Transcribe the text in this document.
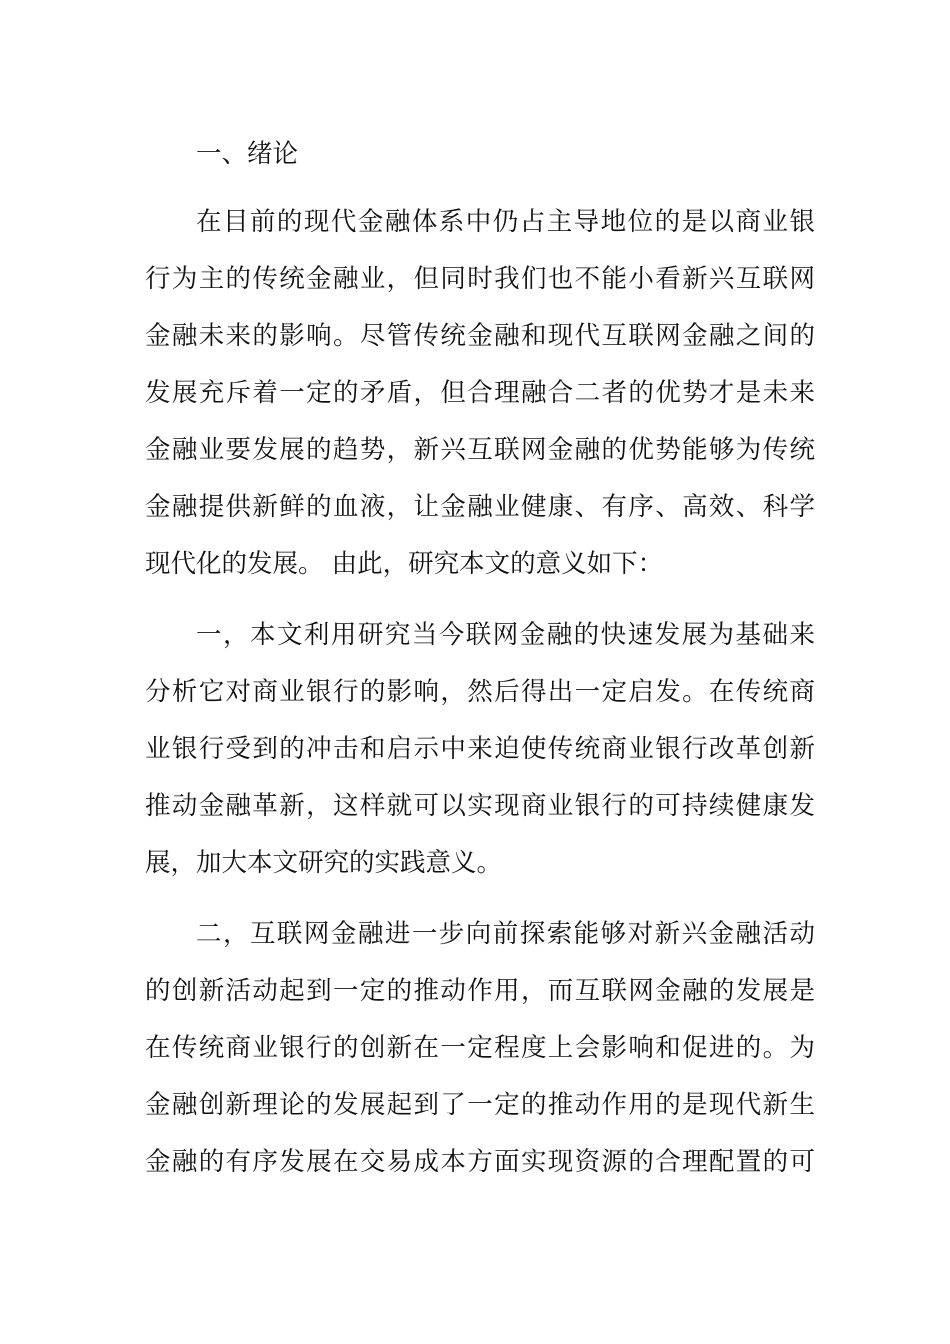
一、绪论
在目前的现代金融体系中仍占主导地位的是以商业银
行为主的传统金融业，但同时我们也不能小看新兴互联网
金融未来的影响。尽管传统金融和现代互联网金融之间的
发展充斥着一定的矛盾，但合理融合二者的优势才是未来
金融业要发展的趋势，新兴互联网金融的优势能够为传统
金融提供新鲜的血液，让金融业健康、有序、高效、科学
现代化的发展。 由此，研究本文的意义如下：
一，本文利用研究当今联网金融的快速发展为基础来
分析它对商业银行的影响，然后得出一定启发。在传统商
业银行受到的冲击和启示中来迫使传统商业银行改革创新
推动金融革新，这样就可以实现商业银行的可持续健康发
展，加大本文研究的实践意义。
二，互联网金融进一步向前探索能够对新兴金融活动
的创新活动起到一定的推动作用，而互联网金融的发展是
在传统商业银行的创新在一定程度上会影响和促进的。为
金融创新理论的发展起到了一定的推动作用的是现代新生
金融的有序发展在交易成本方面实现资源的合理配置的可
